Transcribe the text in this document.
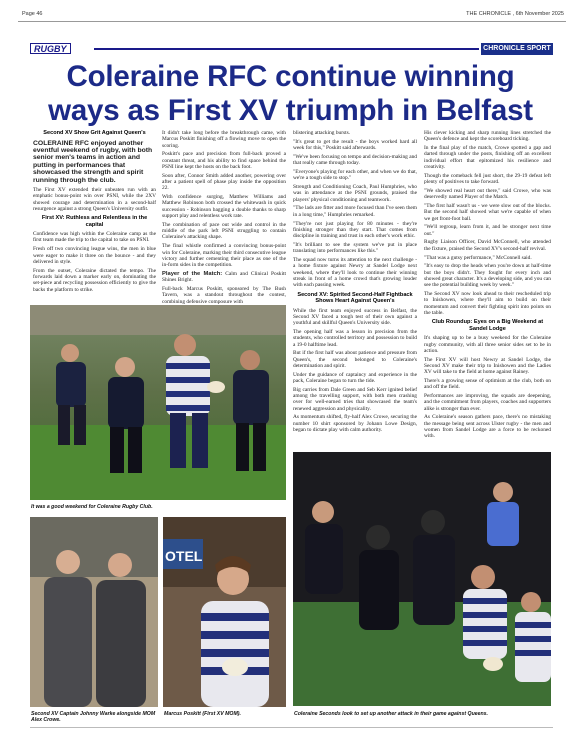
Page 46	THE CHRONICLE , 6th November 2025
RUGBY	CHRONICLE SPORT
Coleraine RFC continue winning
ways as First XV triumph in Belfast
Second XV Show Grit Against Queen's

COLERAINE RFC enjoyed another eventful weekend of rugby, with both senior men's teams in action and putting in performances that showcased the strength and spirit running through the club.

The First XV extended their unbeaten run with an emphatic bonus-point win over PSNI, while the 2XV showed courage and determination in a second-half resurgence against a strong Queen's University outfit.

First XV: Ruthless and Relentless in the capital

Confidence was high within the Coleraine camp as the first team made the trip to the capital to take on PSNI.

Fresh off two convincing league wins, the men in blue were eager to make it three on the bounce - and they delivered in style.

From the outset, Coleraine dictated the tempo. The forwards laid down a marker early on, dominating the set-piece and recycling possession efficiently to give the backs the platform to strike.

It didn't take long before the breakthrough came, with Marcus Poskitt finishing off a flowing move to open the scoring.

Poskitt's pace and precision from full-back proved a constant threat, and his ability to find space behind the PSNI line kept the hosts on the back foot.

Soon after, Connor Smith added another, powering over after a patient spell of phase play inside the opposition 22.

With confidence surging, Matthew Williams and Matthew Robinson both crossed the whitewash in quick succession - Robinson bagging a double thanks to sharp support play and relentless work rate.

The combination of pace out wide and control in the middle of the park left PSNI struggling to contain Coleraine's attacking shape.

The final whistle confirmed a convincing bonus-point win for Coleraine, marking their third consecutive league victory and further cementing their place as one of the in-form sides in the competition.

Player of the Match: Calm and Clinical Poskitt Shines Bright.

Full-back Marcus Poskitt, sponsored by The Bush Tavern, was a standout throughout the contest, combining defensive composure with

blistering attacking bursts.

"It's great to get the result - the boys worked hard all week for this," Poskitt said afterwards.

"We've been focusing on tempo and decision-making and that really came through today.

"Everyone's playing for each other, and when we do that, we're a tough side to stop."

Strength and Conditioning Coach, Paul Humphries, who was in attendance at the PSNI grounds, praised the players' physical conditioning and teamwork.

"The lads are fitter and more focused than I've seen them in a long time," Humphries remarked.

"They're not just playing for 80 minutes - they're finishing stronger than they start. That comes from discipline in training and trust in each other's work ethic.

"It's brilliant to see the system we've put in place translating into performances like this."

The squad now turns its attention to the next challenge - a home fixture against Newry at Sandel Lodge next weekend, where they'll look to continue their winning streak in front of a home crowd that's growing louder with each passing week.

Second XV: Spirited Second-Half Fightback Shows Heart Against Queen's

While the first team enjoyed success in Belfast, the Second XV faced a tough test of their own against a youthful and skillful Queen's University side.

The opening half was a lesson in precision from the students, who controlled territory and possession to build a 19-0 halftime lead.

But if the first half was about patience and pressure from Queen's, the second belonged to Coleraine's determination and spirit.

Under the guidance of captaincy and experience in the pack, Coleraine began to turn the tide.

Big carries from Dale Green and Seb Kerr ignited belief among the travelling support, with both men crashing over for well-earned tries that showcased the team's renewed aggression and physicality.

As momentum shifted, fly-half Alex Crowe, securing the number 10 shirt sponsored by Johann Lowe Design, began to dictate play with calm authority.

His clever kicking and sharp running lines stretched the Queen's defence and kept the scoreboard ticking.

In the final play of the match, Crowe spotted a gap and darted through under the posts, finishing off an excellent individual effort that epitomized his resilience and creativity.

Though the comeback fell just short, the 29-19 defeat left plenty of positives to take forward.

"We showed real heart out there," said Crowe, who was deservedly named Player of the Match.

"The first half wasn't us - we were slow out of the blocks. But the second half showed what we're capable of when we get front-foot ball.

"We'll regroup, learn from it, and be stronger next time out."

Rugby Liaison Officer, David McConnell, who attended the fixture, praised the Second XV's second-half revival.

"That was a gutsy performance," McConnell said.

"It's easy to drop the heads when you're down at half-time but the boys didn't. They fought for every inch and showed great character. It's a developing side, and you can see the potential building week by week."

The Second XV now look ahead to their rescheduled trip to Inishowen, where they'll aim to build on their momentum and convert their fighting spirit into points on the table.

Club Roundup: Eyes on a Big Weekend at Sandel Lodge

It's shaping up to be a busy weekend for the Coleraine rugby community, with all three senior sides set to be in action.

The First XV will host Newry at Sandel Lodge, the Second XV make their trip to Inishowen and the Ladies XV will take to the field at home against Rainey.

There's a growing sense of optimism at the club, both on and off the field.

Performances are improving, the squads are deepening, and the commitment from players, coaches and supporters alike is stronger than ever.

As Coleraine's season gathers pace, there's no mistaking the message being sent across Ulster rugby - the men and women from Sandel Lodge are a force to be reckoned with.

It was a good weekend for Coleraine Rugby Club.
Second XV Captain Johnny Warke alongside MOM Alex Crowe.
OTEL
Marcus Poskitt (First XV MOM).	Coleraine Seconds look to set up another attack in their game against Queens.
